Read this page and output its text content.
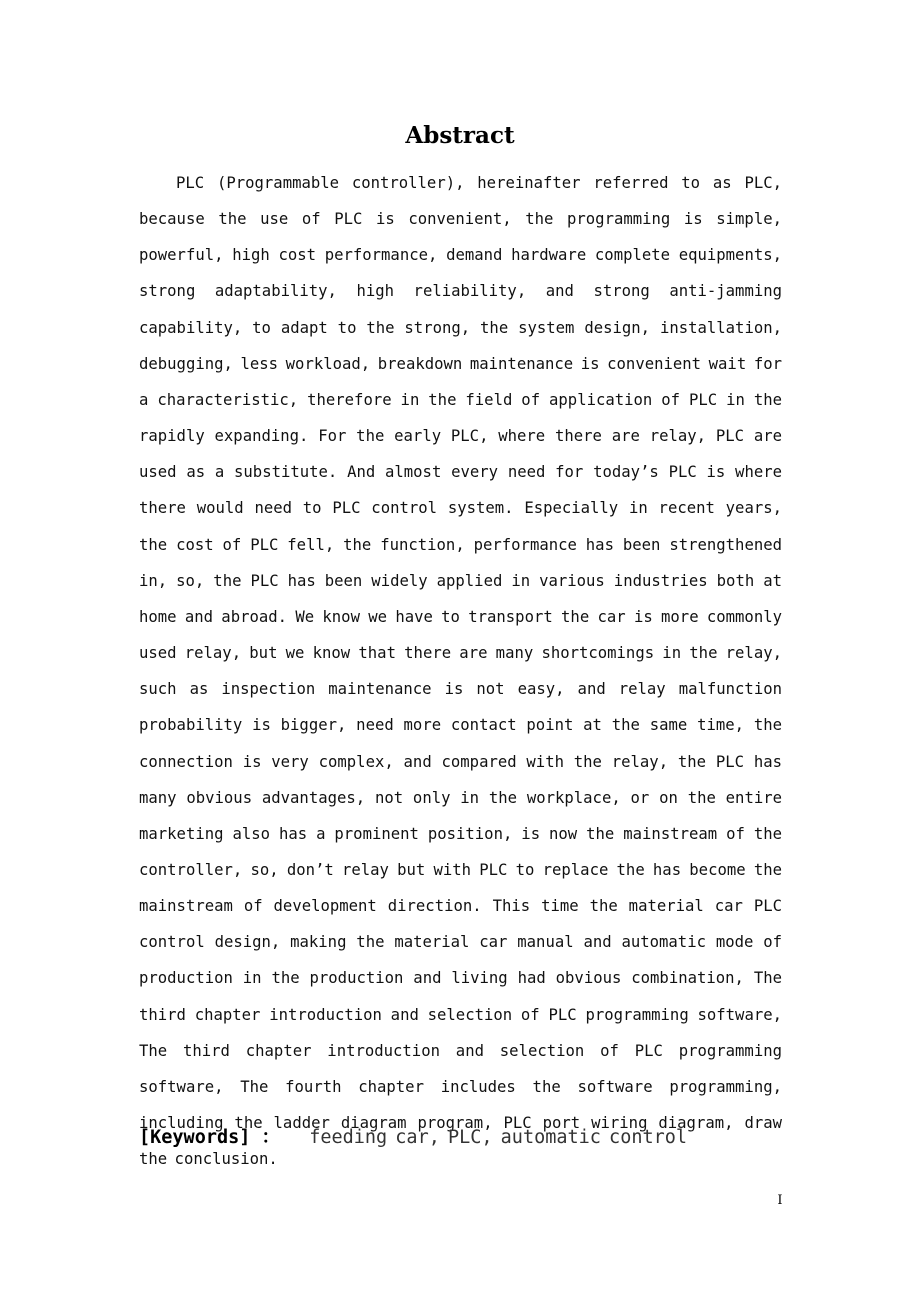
Abstract

PLC (Programmable controller), hereinafter referred to as PLC, because the use of PLC is convenient, the programming is simple, powerful, high cost performance, demand hardware complete equipments, strong adaptability, high reliability, and strong anti-jamming capability, to adapt to the strong, the system design, installation, debugging, less workload, breakdown maintenance is convenient wait for a characteristic, therefore in the field of application of PLC in the rapidly expanding. For the early PLC, where there are relay, PLC are used as a substitute. And almost every need for today’s PLC is where there would need to PLC control system. Especially in recent years, the cost of PLC fell, the function, performance has been strengthened in, so, the PLC has been widely applied in various industries both at home and abroad. We know we have to transport the car is more commonly used relay, but we know that there are many shortcomings in the relay, such as inspection maintenance is not easy, and relay malfunction probability is bigger, need more contact point at the same time, the connection is very complex, and compared with the relay, the PLC has many obvious advantages, not only in the workplace, or on the entire marketing also has a prominent position, is now the mainstream of the controller, so, don’t relay but with PLC to replace the has become the mainstream of development direction. This time the material car PLC control design, making the material car manual and automatic mode of production in the production and living had obvious combination, The third chapter introduction and selection of PLC programming software, The third chapter introduction and selection of PLC programming software, The fourth chapter includes the software programming, including the ladder diagram program, PLC port wiring diagram, draw the conclusion.

[Keywords] ： feeding car, PLC, automatic control
I
